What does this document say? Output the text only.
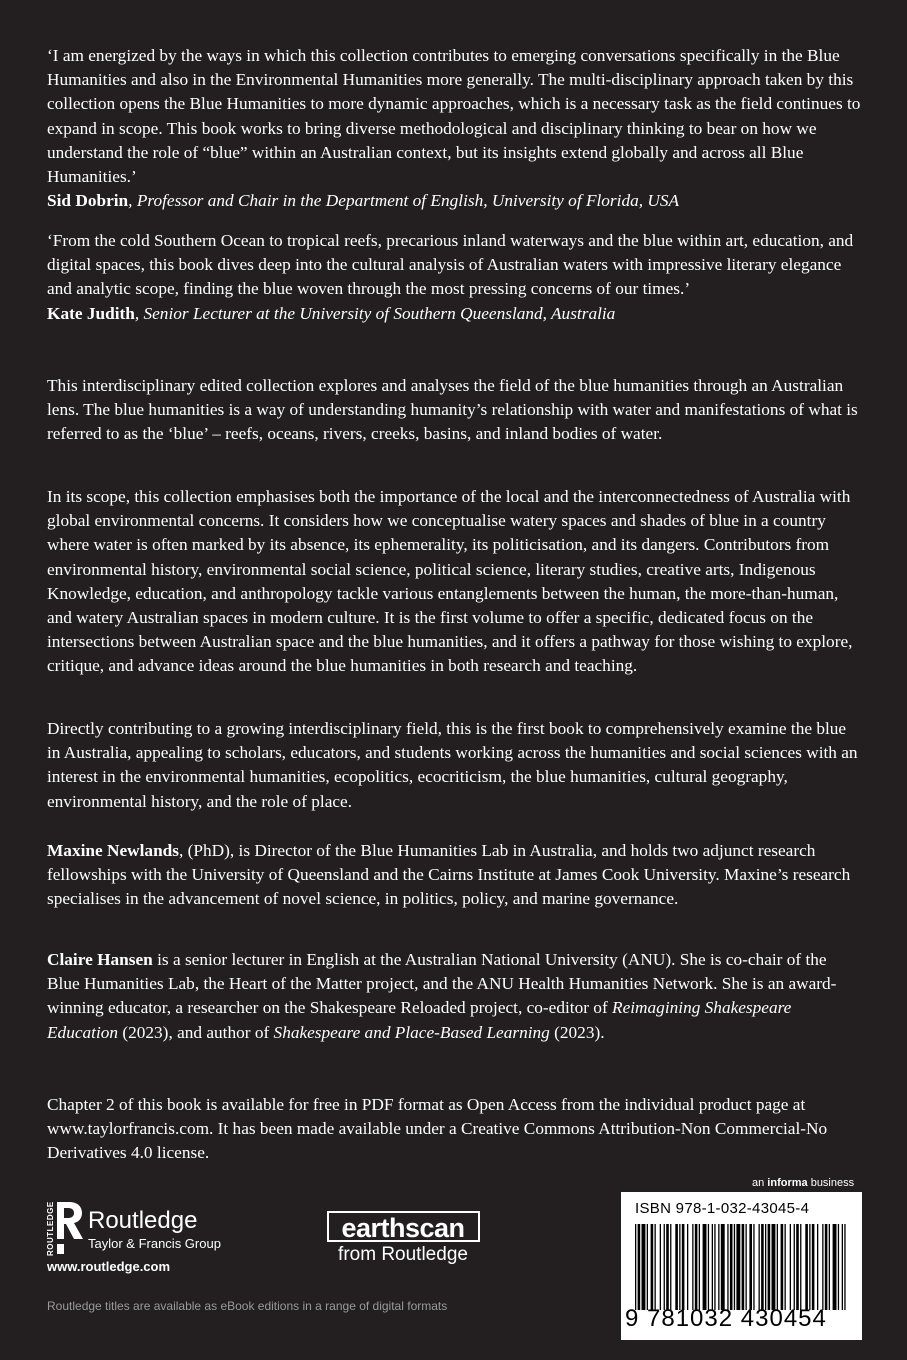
‘I am energized by the ways in which this collection contributes to emerging conversations specifically in the Blue Humanities and also in the Environmental Humanities more generally. The multi-disciplinary approach taken by this collection opens the Blue Humanities to more dynamic approaches, which is a necessary task as the field continues to expand in scope. This book works to bring diverse methodological and disciplinary thinking to bear on how we understand the role of “blue” within an Australian context, but its insights extend globally and across all Blue Humanities.’

Sid Dobrin, Professor and Chair in the Department of English, University of Florida, USA

‘From the cold Southern Ocean to tropical reefs, precarious inland waterways and the blue within art, education, and digital spaces, this book dives deep into the cultural analysis of Australian waters with impressive literary elegance and analytic scope, finding the blue woven through the most pressing concerns of our times.’

Kate Judith, Senior Lecturer at the University of Southern Queensland, Australia

This interdisciplinary edited collection explores and analyses the field of the blue humanities through an Australian lens. The blue humanities is a way of understanding humanity’s relationship with water and manifestations of what is referred to as the ‘blue’ – reefs, oceans, rivers, creeks, basins, and inland bodies of water.

In its scope, this collection emphasises both the importance of the local and the interconnectedness of Australia with global environmental concerns. It considers how we conceptualise watery spaces and shades of blue in a country where water is often marked by its absence, its ephemerality, its politicisation, and its dangers. Contributors from environmental history, environmental social science, political science, literary studies, creative arts, Indigenous Knowledge, education, and anthropology tackle various entanglements between the human, the more-than-human, and watery Australian spaces in modern culture. It is the first volume to offer a specific, dedicated focus on the intersections between Australian space and the blue humanities, and it offers a pathway for those wishing to explore, critique, and advance ideas around the blue humanities in both research and teaching.

Directly contributing to a growing interdisciplinary field, this is the first book to comprehensively examine the blue in Australia, appealing to scholars, educators, and students working across the humanities and social sciences with an interest in the environmental humanities, ecopolitics, ecocriticism, the blue humanities, cultural geography, environmental history, and the role of place.

Maxine Newlands, (PhD), is Director of the Blue Humanities Lab in Australia, and holds two adjunct research fellowships with the University of Queensland and the Cairns Institute at James Cook University. Maxine’s research specialises in the advancement of novel science, in politics, policy, and marine governance.

Claire Hansen is a senior lecturer in English at the Australian National University (ANU). She is co-chair of the Blue Humanities Lab, the Heart of the Matter project, and the ANU Health Humanities Network. She is an award-winning educator, a researcher on the Shakespeare Reloaded project, co-editor of Reimagining Shakespeare Education (2023), and author of Shakespeare and Place-Based Learning (2023).

Chapter 2 of this book is available for free in PDF format as Open Access from the individual product page at www.taylorfrancis.com. It has been made available under a Creative Commons Attribution-Non Commercial-No Derivatives 4.0 license.

ROUTLEDGE Routledge
Taylor & Francis Group
www.routledge.com
earthscan
from Routledge
an informa business
ISBN 978-1-032-43045-4
9 781032 430454
Routledge titles are available as eBook editions in a range of digital formats
